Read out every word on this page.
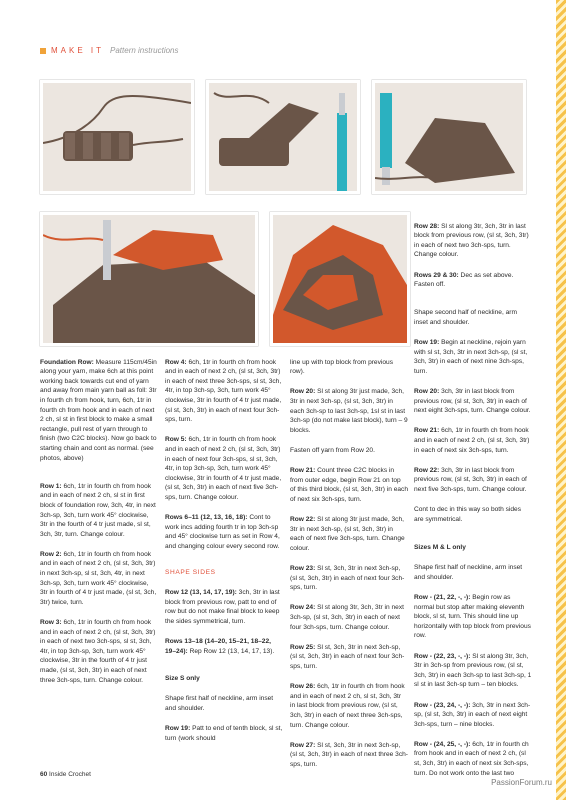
MAKE IT Pattern instructions

Foundation Row: Measure 115cm/45in along your yarn, make 6ch at this point working back towards cut end of yarn and away from main yarn ball as foll: 3tr in fourth ch from hook, turn, 6ch, 1tr in fourth ch from hook and in each of next 2 ch, sl st in first block to make a small rectangle, pull rest of yarn through to finish (two C2C blocks). Now go back to starting chain and cont as normal. (see photos, above)

Row 1: 6ch, 1tr in fourth ch from hook and in each of next 2 ch, sl st in first block of foundation row, 3ch, 4tr, in next 3ch-sp, 3ch, turn work 45° clockwise, 3tr in the fourth of 4 tr just made, sl st, 3ch, 3tr, turn. Change colour.

Row 2: 6ch, 1tr in fourth ch from hook and in each of next 2 ch, (sl st, 3ch, 3tr) in next 3ch-sp, sl st, 3ch, 4tr, in next 3ch-sp, 3ch, turn work 45° clockwise, 3tr in fourth of 4 tr just made, (sl st, 3ch, 3tr) twice, turn.

Row 3: 6ch, 1tr in fourth ch from hook and in each of next 2 ch, (sl st, 3ch, 3tr) in each of next two 3ch-sps, sl st, 3ch, 4tr, in top 3ch-sp, 3ch, turn work 45° clockwise, 3tr in the fourth of 4 tr just made, (sl st, 3ch, 3tr) in each of next three 3ch-sps, turn. Change colour.

Row 4: 6ch, 1tr in fourth ch from hook and in each of next 2 ch, (sl st, 3ch, 3tr) in each of next three 3ch-sps, sl st, 3ch, 4tr, in top 3ch-sp, 3ch, turn work 45° clockwise, 3tr in fourth of 4 tr just made, (sl st, 3ch, 3tr) in each of next four 3ch-sps, turn.

Row 5: 6ch, 1tr in fourth ch from hook and in each of next 2 ch, (sl st, 3ch, 3tr) in each of next four 3ch-sps, sl st, 3ch, 4tr, in top 3ch-sp, 3ch, turn work 45° clockwise, 3tr in fourth of 4 tr just made, (sl st, 3ch, 3tr) in each of next five 3ch-sps, turn. Change colour.

Rows 6–11 (12, 13, 16, 18): Cont to work incs adding fourth tr in top 3ch-sp and 45° clockwise turn as set in Row 4, and changing colour every second row.

SHAPE SIDES

Row 12 (13, 14, 17, 19): 3ch, 3tr in last block from previous row, patt to end of row but do not make final block to keep the sides symmetrical, turn.

Rows 13–18 (14–20, 15–21, 18–22, 19–24): Rep Row 12 (13, 14, 17, 13).

Size S only

Shape first half of neckline, arm inset and shoulder.

Row 19: Patt to end of tenth block, sl st, turn (work should

line up with top block from previous row).

Row 20: Sl st along 3tr just made, 3ch, 3tr in next 3ch-sp, (sl st, 3ch, 3tr) in each 3ch-sp to last 3ch-sp, 1sl st in last 3ch-sp (do not make last block), turn – 9 blocks.

Fasten off yarn from Row 20.

Row 21: Count three C2C blocks in from outer edge, begin Row 21 on top of this third block, (sl st, 3ch, 3tr) in each of next six 3ch-sps, turn.

Row 22: Sl st along 3tr just made, 3ch, 3tr in next 3ch-sp, (sl st, 3ch, 3tr) in each of next five 3ch-sps, turn. Change colour.

Row 23: Sl st, 3ch, 3tr in next 3ch-sp, (sl st, 3ch, 3tr) in each of next four 3ch-sps, turn.

Row 24: Sl st along 3tr, 3ch, 3tr in next 3ch-sp, (sl st, 3ch, 3tr) in each of next four 3ch-sps, turn. Change colour.

Row 25: Sl st, 3ch, 3tr in next 3ch-sp, (sl st, 3ch, 3tr) in each of next four 3ch-sps, turn.

Row 26: 6ch, 1tr in fourth ch from hook and in each of next 2 ch, sl st, 3ch, 3tr in last block from previous row, (sl st, 3ch, 3tr) in each of next three 3ch-sps, turn. Change colour.

Row 27: Sl st, 3ch, 3tr in next 3ch-sp, (sl st, 3ch, 3tr) in each of next three 3ch-sps, turn.

Row 28: Sl st along 3tr, 3ch, 3tr in last block from previous row, (sl st, 3ch, 3tr) in each of next two 3ch-sps, turn. Change colour.

Rows 29 & 30: Dec as set above. Fasten off.

Shape second half of neckline, arm inset and shoulder.

Row 19: Begin at neckline, rejoin yarn with sl st, 3ch, 3tr in next 3ch-sp, (sl st, 3ch, 3tr) in each of next nine 3ch-sps, turn.

Row 20: 3ch, 3tr in last block from previous row, (sl st, 3ch, 3tr) in each of next eight 3ch-sps, turn. Change colour.

Row 21: 6ch, 1tr in fourth ch from hook and in each of next 2 ch, (sl st, 3ch, 3tr) in each of next six 3ch-sps, turn.

Row 22: 3ch, 3tr in last block from previous row, (sl st, 3ch, 3tr) in each of next five 3ch-sps, turn. Change colour.

Cont to dec in this way so both sides are symmetrical.

Sizes M & L only

Shape first half of neckline, arm inset and shoulder.

Row - (21, 22, -, -): Begin row as normal but stop after making eleventh block, sl st, turn. This should line up horizontally with top block from previous row.

Row - (22, 23, -, -): Sl st along 3tr, 3ch, 3tr in 3ch-sp from previous row, (sl st, 3ch, 3tr) in each 3ch-sp to last 3ch-sp, 1 sl st in last 3ch-sp turn – ten blocks.

Row - (23, 24, -, -): 3ch, 3tr in next 3ch-sp, (sl st, 3ch, 3tr) in each of next eight 3ch-sps, turn – nine blocks.

Row - (24, 25, -, -): 6ch, 1tr in fourth ch from hook and in each of next 2 ch, (sl st, 3ch, 3tr) in each of next six 3ch-sps, turn. Do not work onto the last two

60 Inside Crochet
PassionForum.ru
